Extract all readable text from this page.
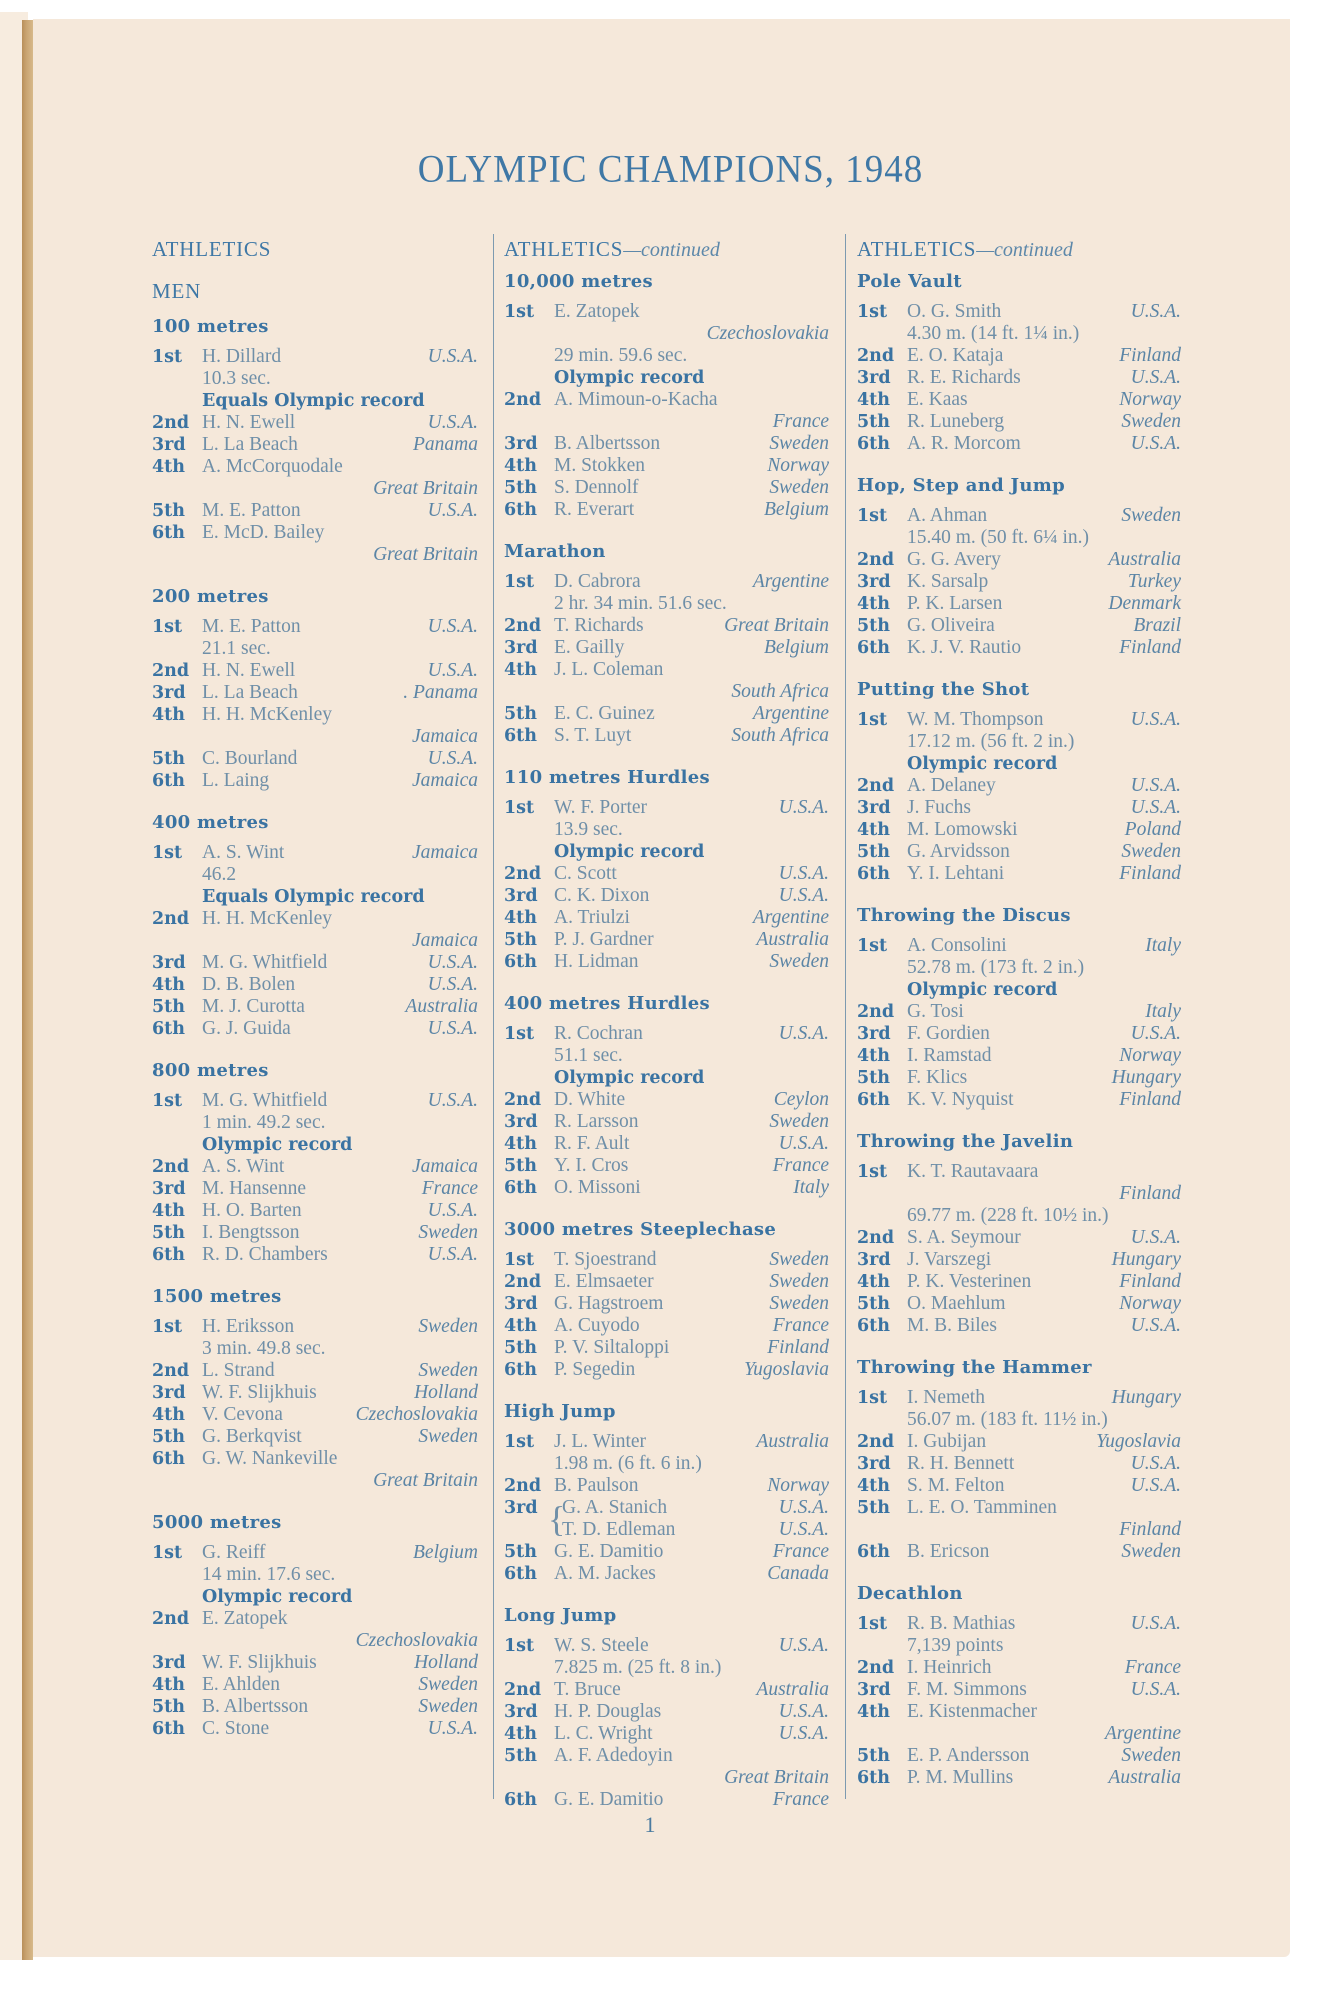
OLYMPIC CHAMPIONS, 1948
ATHLETICS
MEN
100 metres
1st	H. Dillard	U.S.A.
10.3 sec.
Equals Olympic record
2nd H. N. Ewell	U.S.A.
3rd L. La Beach	Panama
4th A. McCorquodale
Great Britain
5th M. E. Patton	U.S.A.
6th E. McD. Bailey
Great Britain
200 metres
1st	M. E. Patton	U.S.A.
21.1 sec.
2nd H. N. Ewell	U.S.A.
3rd L. La Beach	. Panama
4th H. H. McKenley
Jamaica
5th C. Bourland	U.S.A.
6th L. Laing	Jamaica
400 metres
1st	A. S. Wint	Jamaica
46.2
Equals Olympic record
2nd H. H. McKenley
Jamaica
3rd M. G. Whitfield	U.S.A.
4th D. B. Bolen	U.S.A.
5th M. J. Curotta	Australia
6th G. J. Guida	U.S.A.
800 metres
1st	M. G. Whitfield	U.S.A.
1 min. 49.2 sec.
Olympic record
2nd A. S. Wint	Jamaica
3rd M. Hansenne	France
4th H. O. Barten	U.S.A.
5th I. Bengtsson	Sweden
6th R. D. Chambers	U.S.A.
1500 metres
1st	H. Eriksson	Sweden
3 min. 49.8 sec.
2nd L. Strand	Sweden
3rd W. F. Slijkhuis	Holland
4th V. Cevona	Czechoslovakia
5th G. Berkqvist	Sweden
6th G. W. Nankeville
Great Britain
5000 metres
1st	G. Reiff	Belgium
14 min. 17.6 sec.
Olympic record
2nd E. Zatopek
Czechoslovakia
3rd W. F. Slijkhuis	Holland
4th E. Ahlden	Sweden
5th B. Albertsson	Sweden
6th C. Stone	U.S.A.
ATHLETICS—continued
10,000 metres
1st	E. Zatopek
Czechoslovakia
29 min. 59.6 sec.
Olympic record
2nd A. Mimoun-o-Kacha
France
3rd B. Albertsson	Sweden
4th M. Stokken	Norway
5th S. Dennolf	Sweden
6th R. Everart	Belgium
Marathon
1st	D. Cabrora	Argentine
2 hr. 34 min. 51.6 sec.
2nd T. Richards	Great Britain
3rd E. Gailly	Belgium
4th J. L. Coleman
South Africa
5th E. C. Guinez	Argentine
6th S. T. Luyt	South Africa
110 metres Hurdles
1st	W. F. Porter	U.S.A.
13.9 sec.
Olympic record
2nd C. Scott	U.S.A.
3rd C. K. Dixon	U.S.A.
4th A. Triulzi	Argentine
5th P. J. Gardner	Australia
6th H. Lidman	Sweden
400 metres Hurdles
1st	R. Cochran	U.S.A.
51.1 sec.
Olympic record
2nd D. White	Ceylon
3rd R. Larsson	Sweden
4th R. F. Ault	U.S.A.
5th Y. I. Cros	France
6th O. Missoni	Italy
3000 metres Steeplechase
1st	T. Sjoestrand	Sweden
2nd E. Elmsaeter	Sweden
3rd G. Hagstroem	Sweden
4th A. Cuyodo	France
5th P. V. Siltaloppi	Finland
6th P. Segedin	Yugoslavia
High Jump
1st	J. L. Winter	Australia
1.98 m. (6 ft. 6 in.)
2nd B. Paulson	Norway
3rd {
G. A. Stanich	U.S.A.
T. D. Edleman	U.S.A.
5th G. E. Damitio	France
6th A. M. Jackes	Canada
Long Jump
1st	W. S. Steele	U.S.A.
7.825 m. (25 ft. 8 in.)
2nd T. Bruce	Australia
3rd H. P. Douglas	U.S.A.
4th L. C. Wright	U.S.A.
5th A. F. Adedoyin
Great Britain
6th G. E. Damitio	France
ATHLETICS—continued
Pole Vault
1st	O. G. Smith	U.S.A.
4.30 m. (14 ft. 1¼ in.)
2nd E. O. Kataja	Finland
3rd R. E. Richards	U.S.A.
4th E. Kaas	Norway
5th R. Luneberg	Sweden
6th A. R. Morcom	U.S.A.
Hop, Step and Jump
1st	A. Ahman	Sweden
15.40 m. (50 ft. 6¼ in.)
2nd G. G. Avery	Australia
3rd K. Sarsalp	Turkey
4th P. K. Larsen	Denmark
5th G. Oliveira	Brazil
6th K. J. V. Rautio	Finland
Putting the Shot
1st	W. M. Thompson	U.S.A.
17.12 m. (56 ft. 2 in.)
Olympic record
2nd A. Delaney	U.S.A.
3rd J. Fuchs	U.S.A.
4th M. Lomowski	Poland
5th G. Arvidsson	Sweden
6th Y. I. Lehtani	Finland
Throwing the Discus
1st	A. Consolini	Italy
52.78 m. (173 ft. 2 in.)
Olympic record
2nd G. Tosi	Italy
3rd F. Gordien	U.S.A.
4th I. Ramstad	Norway
5th F. Klics	Hungary
6th K. V. Nyquist	Finland
Throwing the Javelin
1st	K. T. Rautavaara
Finland
69.77 m. (228 ft. 10½ in.)
2nd S. A. Seymour	U.S.A.
3rd J. Varszegi	Hungary
4th P. K. Vesterinen	Finland
5th O. Maehlum	Norway
6th M. B. Biles	U.S.A.
Throwing the Hammer
1st	I. Nemeth	Hungary
56.07 m. (183 ft. 11½ in.)
2nd I. Gubijan	Yugoslavia
3rd R. H. Bennett	U.S.A.
4th S. M. Felton	U.S.A.
5th L. E. O. Tamminen
Finland
6th B. Ericson	Sweden
Decathlon
1st	R. B. Mathias	U.S.A.
7,139 points
2nd I. Heinrich	France
3rd F. M. Simmons	U.S.A.
4th E. Kistenmacher
Argentine
5th E. P. Andersson	Sweden
6th P. M. Mullins	Australia
1
